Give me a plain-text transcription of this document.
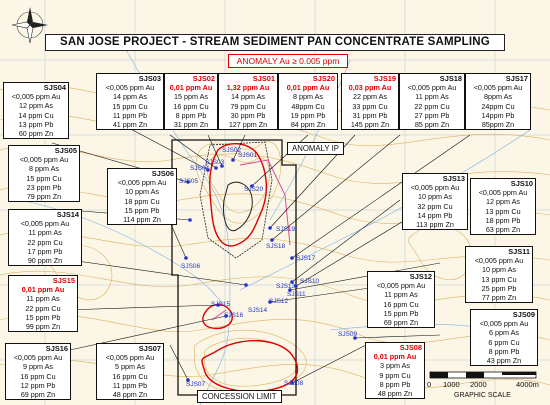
SAN JOSE PROJECT - STREAM SEDIMENT PAN CONCENTRATE SAMPLING
ANOMALY Au ≥ 0.005 ppm
ANOMALY IP
CONCESSION LIMIT
0 1000 2000	4000m
GRAPHIC SCALE
SJS04
<0,005 ppm Au
12 ppm As
14 ppm Cu
13 ppm Pb
60 ppm Zn
SJS03
<0,005 ppm Au
14 ppm As
15 ppm Cu
11 ppm Pb
41 ppm Zn
SJS02
0,01 ppm Au
15 ppm As
16 ppm Cu
8 ppm Pb
31 ppm Zn
SJS01
1,32 ppm Au
14 ppm As
79 ppm Cu
30 ppm Pb
127 ppm Zn
SJS20
0,01 ppm Au
8 ppm As
48ppm Cu
19 ppm Pb
84 ppm Zn
SJS19
0,03 ppm Au
22 ppm As
33 ppm Cu
31 ppm Pb
145 ppm Zn
SJS18
<0,005 ppm Au
11 ppm As
22 ppm Cu
27 ppm Pb
85 ppm Zn
SJS17
<0,005 ppm Au
8ppm As
24ppm Cu
14ppm Pb
85ppm Zn
SJS05
<0,005 ppm Au
8 ppm As
15 ppm Cu
23 ppm Pb
79 ppm Zn
SJS13
<0,005 ppm Au
10 ppm As
32 ppm Cu
14 ppm Pb
113 ppm Zn
SJS10
<0,005 ppm Au
12 ppm As
13 ppm Cu
18 ppm Pb
63 ppm Zn
SJS06
<0,005 ppm Au
10 ppm As
18 ppm Cu
15 ppm Pb
114 ppm Zn
SJS14
<0,005 ppm Au
11 ppm As
22 ppm Cu
17 ppm Pb
90 ppm Zn
SJS11
<0,005 ppm Au
10 ppm As
13 ppm Cu
25 ppm Pb
77 ppm Zn
SJS15
0,01 ppm Au
11 ppm As
22 ppm Cu
15 ppm Pb
99 ppm Zn
SJS12
<0,005 ppm Au
11 ppm As
16 ppm Cu
15 ppm Pb
69 ppm Zn
SJS09
<0,005 ppm Au
6 ppm As
6 ppm Cu
8 ppm Pb
43 ppm Zn
SJS16
<0,005 ppm Au
9 ppm As
16 ppm Cu
12 ppm Pb
69 ppm Zn
SJS07
<0,005 ppm Au
5 ppm As
16 ppm Cu
11 ppm Pb
48 ppm Zn
SJS08
0,01 ppm Au
3 ppm As
9 ppm Cu
8 ppm Pb
48 ppm Zn
SJS03
SJS02
SJS01
SJS04
SJS20
SJS05
SJS19
SJS18
SJS17
SJS06
SJS10
SJS13
SJS11
SJS12
SJS15
SJS14
SJS16
SJS09
SJS07	SJS08
